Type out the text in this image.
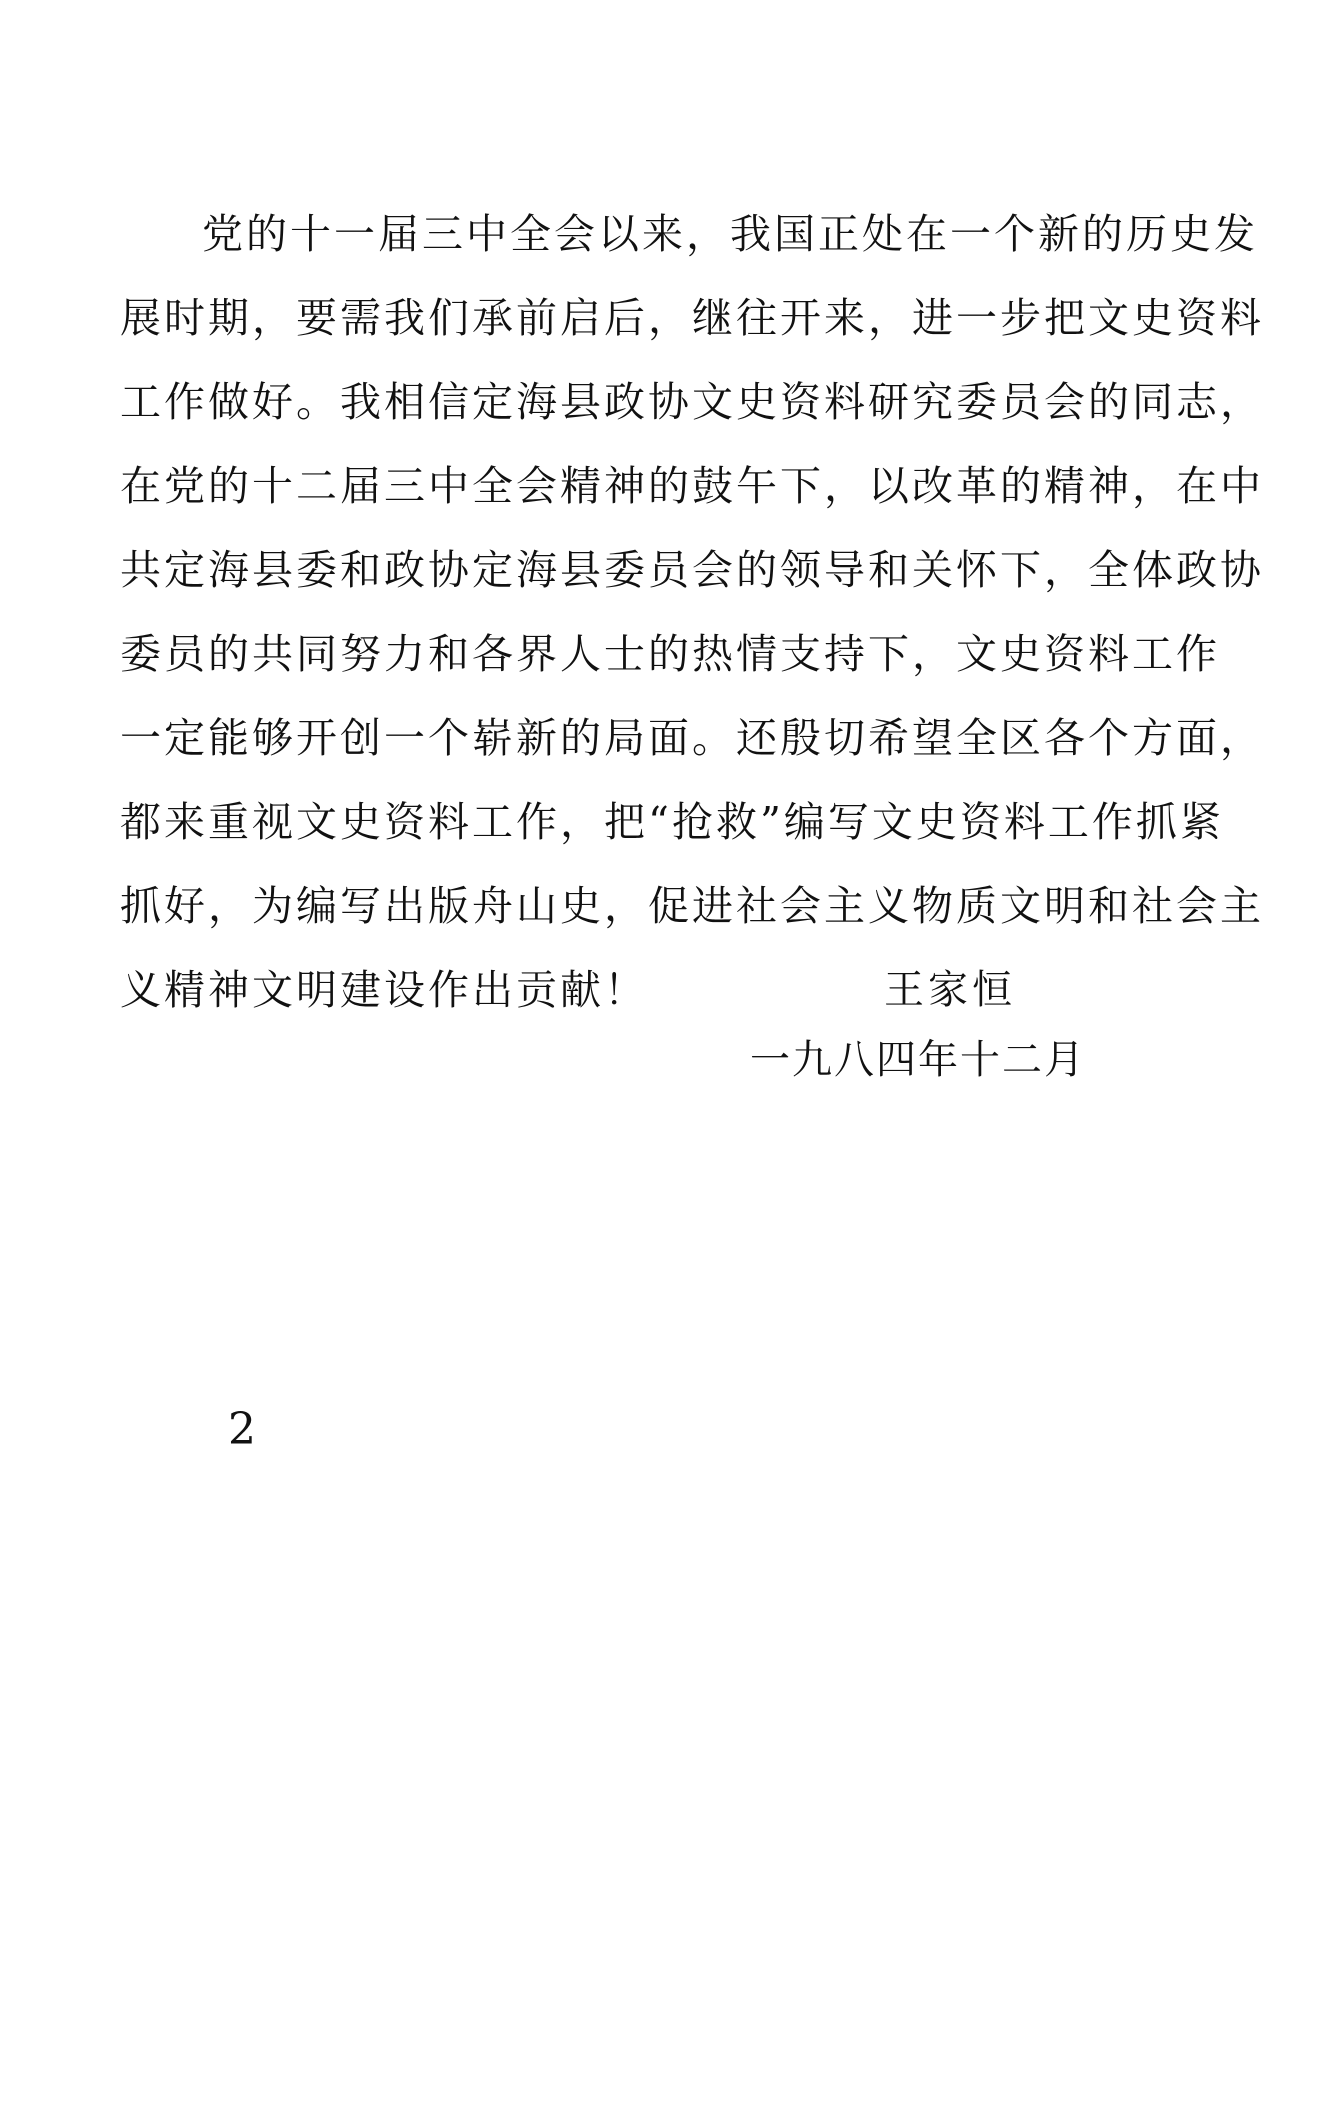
党的十一届三中全会以来，我国正处在一个新的历史发
展时期，要需我们承前启后，继往开来，进一步把文史资料
工作做好。我相信定海县政协文史资料研究委员会的同志，
在党的十二届三中全会精神的鼓午下，以改革的精神，在中
共定海县委和政协定海县委员会的领导和关怀下，全体政协
委员的共同努力和各界人士的热情支持下，文史资料工作
一定能够开创一个崭新的局面。还殷切希望全区各个方面，
都来重视文史资料工作，把“抢救”编写文史资料工作抓紧
抓好，为编写出版舟山史，促进社会主义物质文明和社会主
义精神文明建设作出贡献！	王家恒
一九八四年十二月
2
